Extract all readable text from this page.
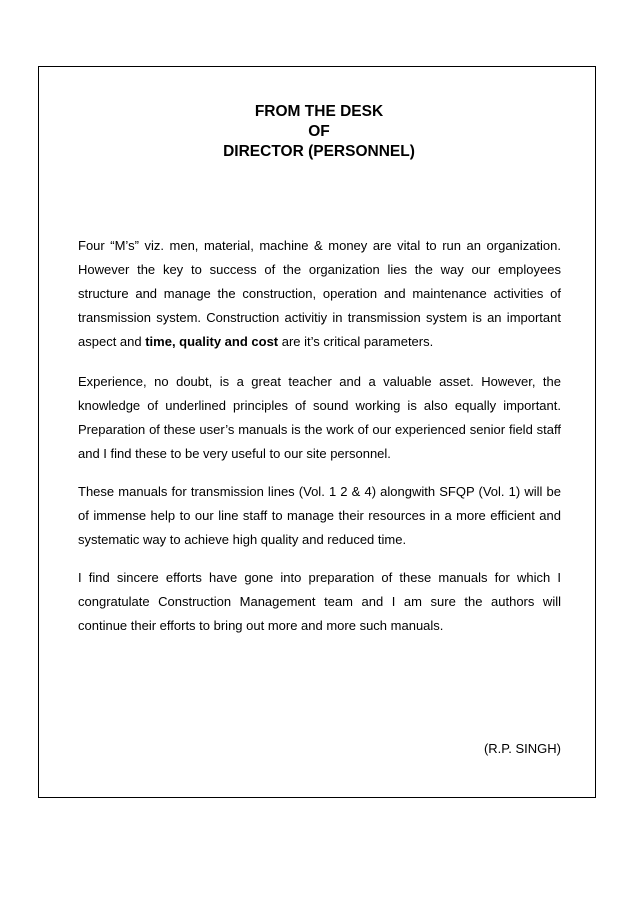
FROM THE DESK
OF
DIRECTOR (PERSONNEL)

Four “M’s” viz. men, material, machine & money are vital to run an organization. However the key to success of the organization lies the way our employees structure and manage the construction, operation and maintenance activities of transmission system. Construction activitiy in transmission system is an important aspect and time, quality and cost are it’s critical parameters.

Experience, no doubt, is a great teacher and a valuable asset. However, the knowledge of underlined principles of sound working is also equally important. Preparation of these user’s manuals is the work of our experienced senior field staff and I find these to be very useful to our site personnel.

These manuals for transmission lines (Vol. 1 2 & 4) alongwith SFQP (Vol. 1) will be of immense help to our line staff to manage their resources in a more efficient and systematic way to achieve high quality and reduced time.

I find sincere efforts have gone into preparation of these manuals for which I congratulate Construction Management team and I am sure the authors will continue their efforts to bring out more and more such manuals.

(R.P. SINGH)
